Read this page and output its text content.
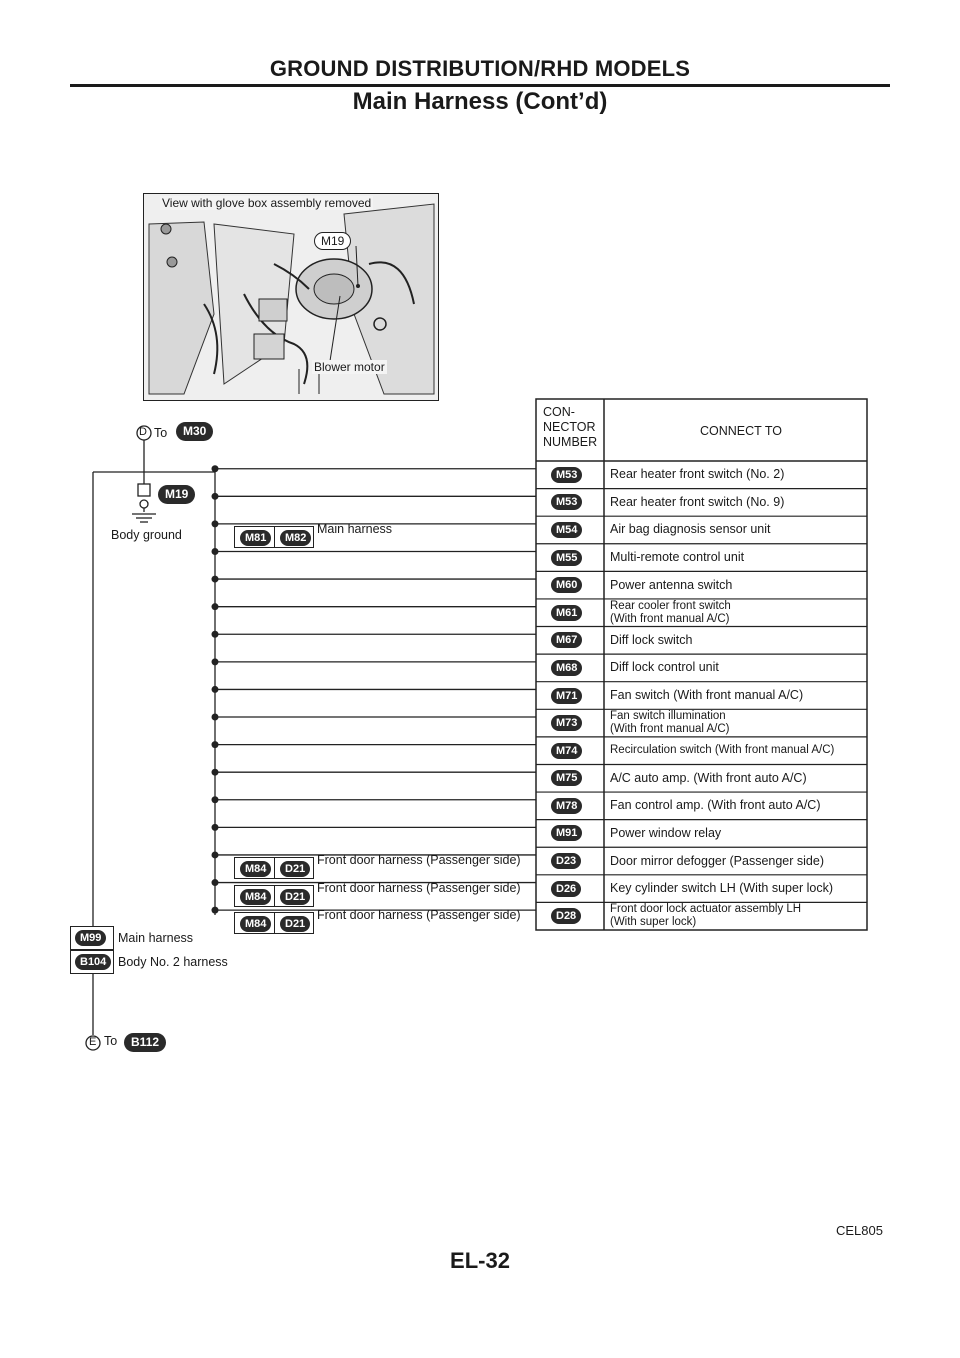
GROUND DISTRIBUTION/RHD MODELS
Main Harness (Cont’d)
View with glove box assembly removed
M19
Blower motor
CON-
NECTOR
NUMBER
CONNECT TO
D To	M30
M19
Body ground
M99	Main harness
B104 Body No. 2 harness
E To	B112
M53	Rear heater front switch (No. 2)
M53	Rear heater front switch (No. 9)
M54	Air bag diagnosis sensor unit
M81	M82
Main harness
M55	Multi-remote control unit
M60	Power antenna switch
M61
Rear cooler front switch
(With front manual A/C)
M67	Diff lock switch
M68	Diff lock control unit
M71	Fan switch (With front manual A/C)
M73
Fan switch illumination
(With front manual A/C)
M74	Recirculation switch (With front manual A/C)
M75	A/C auto amp. (With front auto A/C)
M78	Fan control amp. (With front auto A/C)
M91	Power window relay
D23	Door mirror defogger (Passenger side)
M84	D21
Front door harness (Passenger side)
D26	Key cylinder switch LH (With super lock)
M84	D21
Front door harness (Passenger side)
D28
Front door lock actuator assembly LH
(With super lock)
M84	D21
Front door harness (Passenger side)
CEL805
EL-32
